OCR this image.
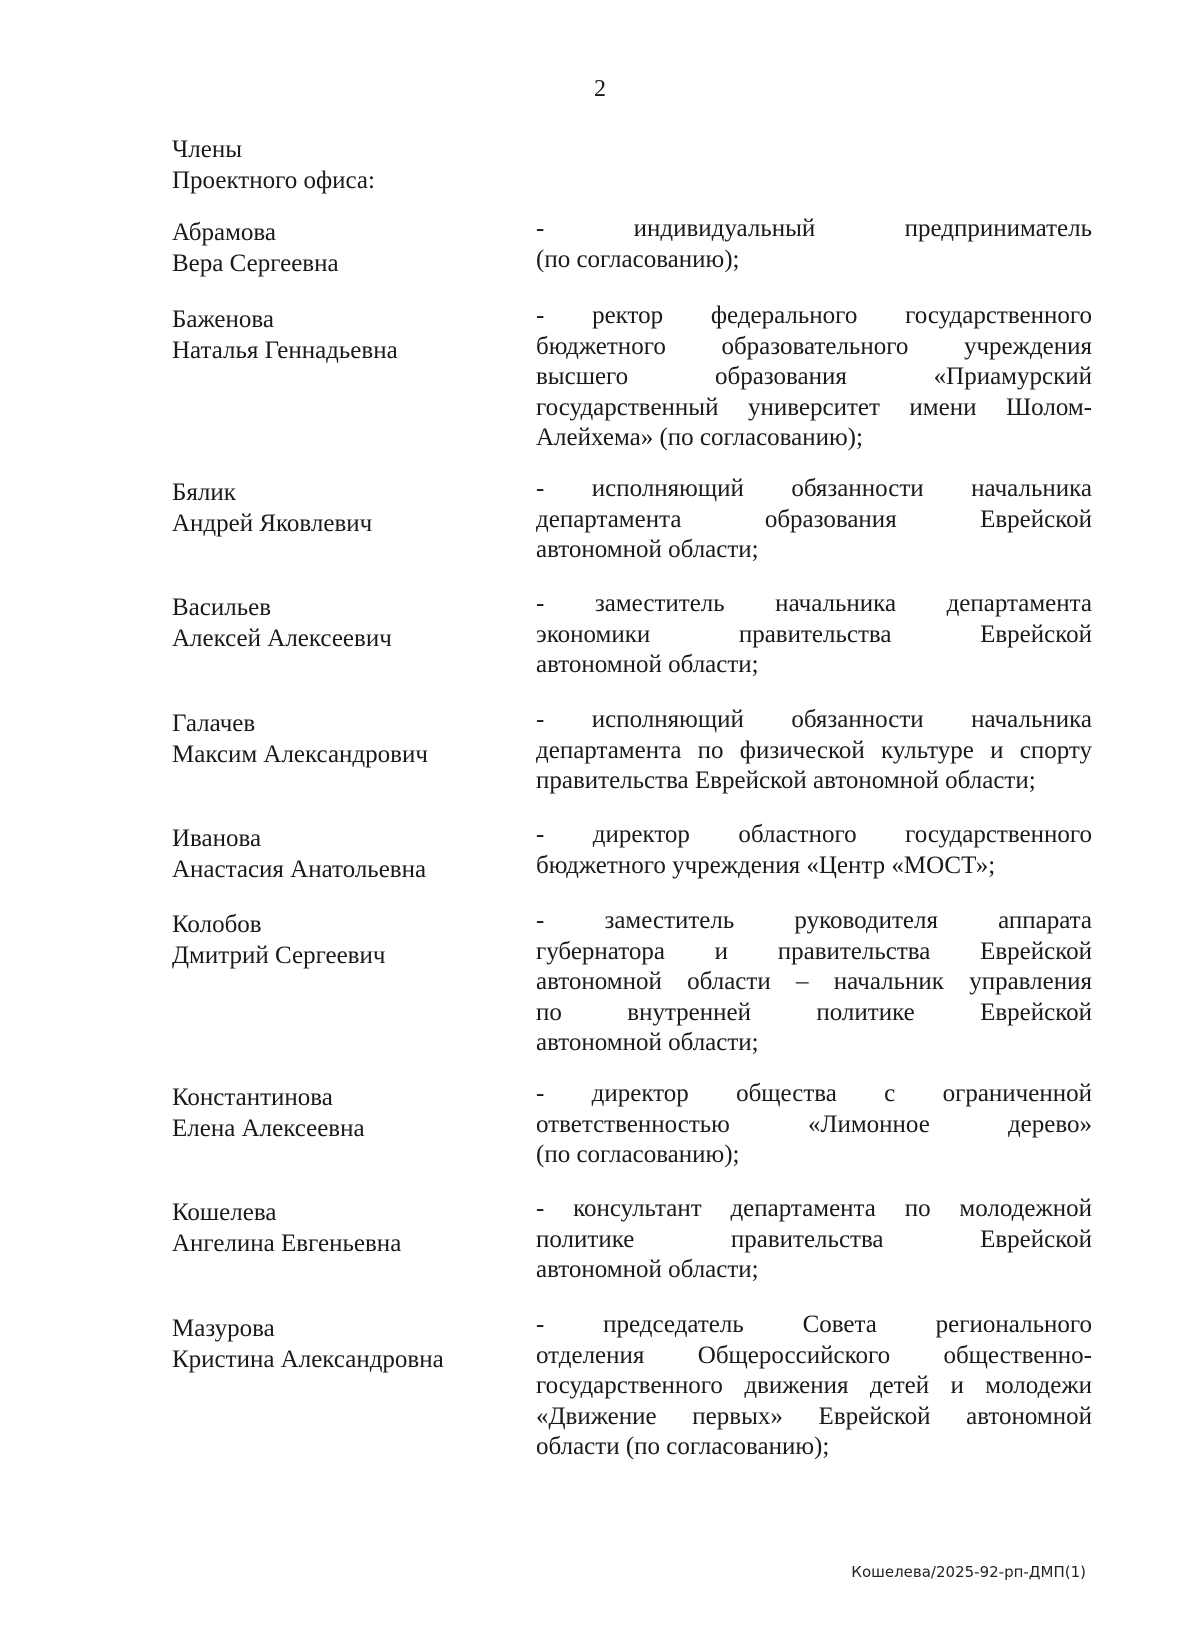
2
Члены
Проектного офиса:
Абрамова
Вера Сергеевна
- индивидуальный предприниматель
(по согласованию);
Баженова
Наталья Геннадьевна
- ректор федерального государственного
бюджетного образовательного учреждения
высшего образования «Приамурский
государственный университет имени Шолом-
Алейхема» (по согласованию);
Бялик
Андрей Яковлевич
- исполняющий обязанности начальника
департамента образования Еврейской
автономной области;
Васильев
Алексей Алексеевич
- заместитель начальника департамента
экономики правительства Еврейской
автономной области;
Галачев
Максим Александрович
- исполняющий обязанности начальника
департамента по физической культуре и спорту
правительства Еврейской автономной области;
Иванова
Анастасия Анатольевна
- директор областного государственного
бюджетного учреждения «Центр «МОСТ»;
Колобов
Дмитрий Сергеевич
- заместитель руководителя аппарата
губернатора и правительства Еврейской
автономной области – начальник управления
по внутренней политике Еврейской
автономной области;
Константинова
Елена Алексеевна
- директор общества с ограниченной
ответственностью «Лимонное дерево»
(по согласованию);
Кошелева
Ангелина Евгеньевна
- консультант департамента по молодежной
политике правительства Еврейской
автономной области;
Мазурова
Кристина Александровна
- председатель Совета регионального
отделения Общероссийского общественно-
государственного движения детей и молодежи
«Движение первых» Еврейской автономной
области (по согласованию);
Кошелева/2025-92-рп-ДМП(1)
